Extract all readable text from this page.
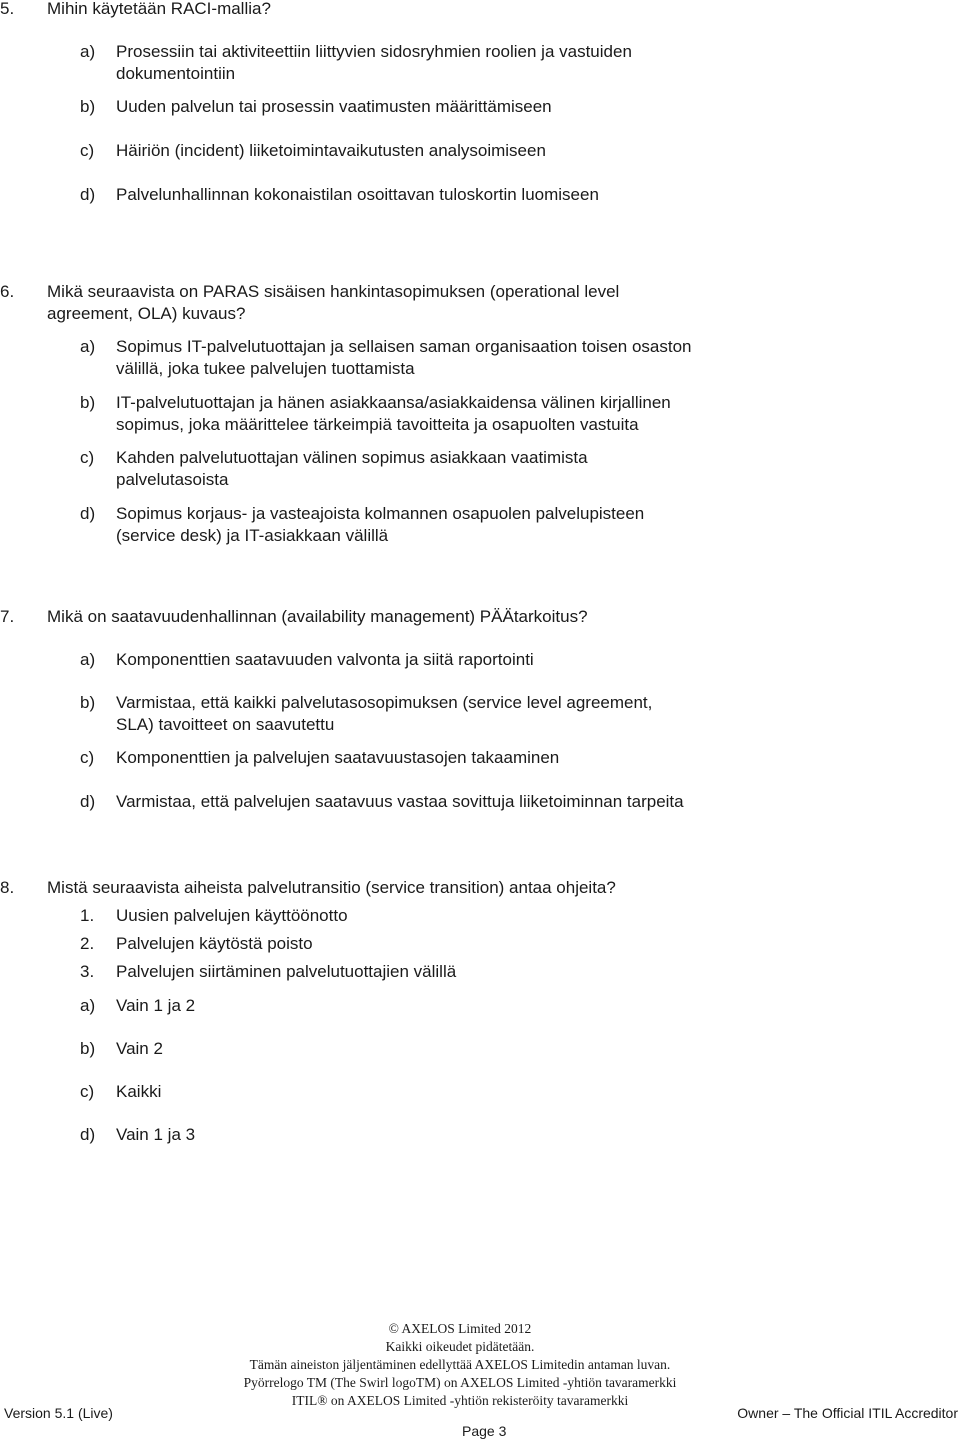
5. Mihin käytetään RACI-mallia?
a) Prosessiin tai aktiviteettiin liittyvien sidosryhmien roolien ja vastuiden
dokumentointiin
b) Uuden palvelun tai prosessin vaatimusten määrittämiseen
c) Häiriön (incident) liiketoimintavaikutusten analysoimiseen
d) Palvelunhallinnan kokonaistilan osoittavan tuloskortin luomiseen
6. Mikä seuraavista on PARAS sisäisen hankintasopimuksen (operational level
agreement, OLA) kuvaus?
a) Sopimus IT-palvelutuottajan ja sellaisen saman organisaation toisen osaston
välillä, joka tukee palvelujen tuottamista
b) IT-palvelutuottajan ja hänen asiakkaansa/asiakkaidensa välinen kirjallinen
sopimus, joka määrittelee tärkeimpiä tavoitteita ja osapuolten vastuita
c) Kahden palvelutuottajan välinen sopimus asiakkaan vaatimista
palvelutasoista
d) Sopimus korjaus- ja vasteajoista kolmannen osapuolen palvelupisteen
(service desk) ja IT-asiakkaan välillä
7. Mikä on saatavuudenhallinnan (availability management) PÄÄtarkoitus?
a) Komponenttien saatavuuden valvonta ja siitä raportointi
b) Varmistaa, että kaikki palvelutasosopimuksen (service level agreement,
SLA) tavoitteet on saavutettu
c) Komponenttien ja palvelujen saatavuustasojen takaaminen
d) Varmistaa, että palvelujen saatavuus vastaa sovittuja liiketoiminnan tarpeita
8. Mistä seuraavista aiheista palvelutransitio (service transition) antaa ohjeita?
1. Uusien palvelujen käyttöönotto
2. Palvelujen käytöstä poisto
3. Palvelujen siirtäminen palvelutuottajien välillä
a) Vain 1 ja 2
b) Vain 2
c) Kaikki
d) Vain 1 ja 3
© AXELOS Limited 2012
Kaikki oikeudet pidätetään.
Tämän aineiston jäljentäminen edellyttää AXELOS Limitedin antaman luvan.
Pyörrelogo TM (The Swirl logoTM) on AXELOS Limited -yhtiön tavaramerkki
ITIL® on AXELOS Limited -yhtiön rekisteröity tavaramerkki
Version 5.1 (Live)	Owner – The Official ITIL Accreditor
Page 3
